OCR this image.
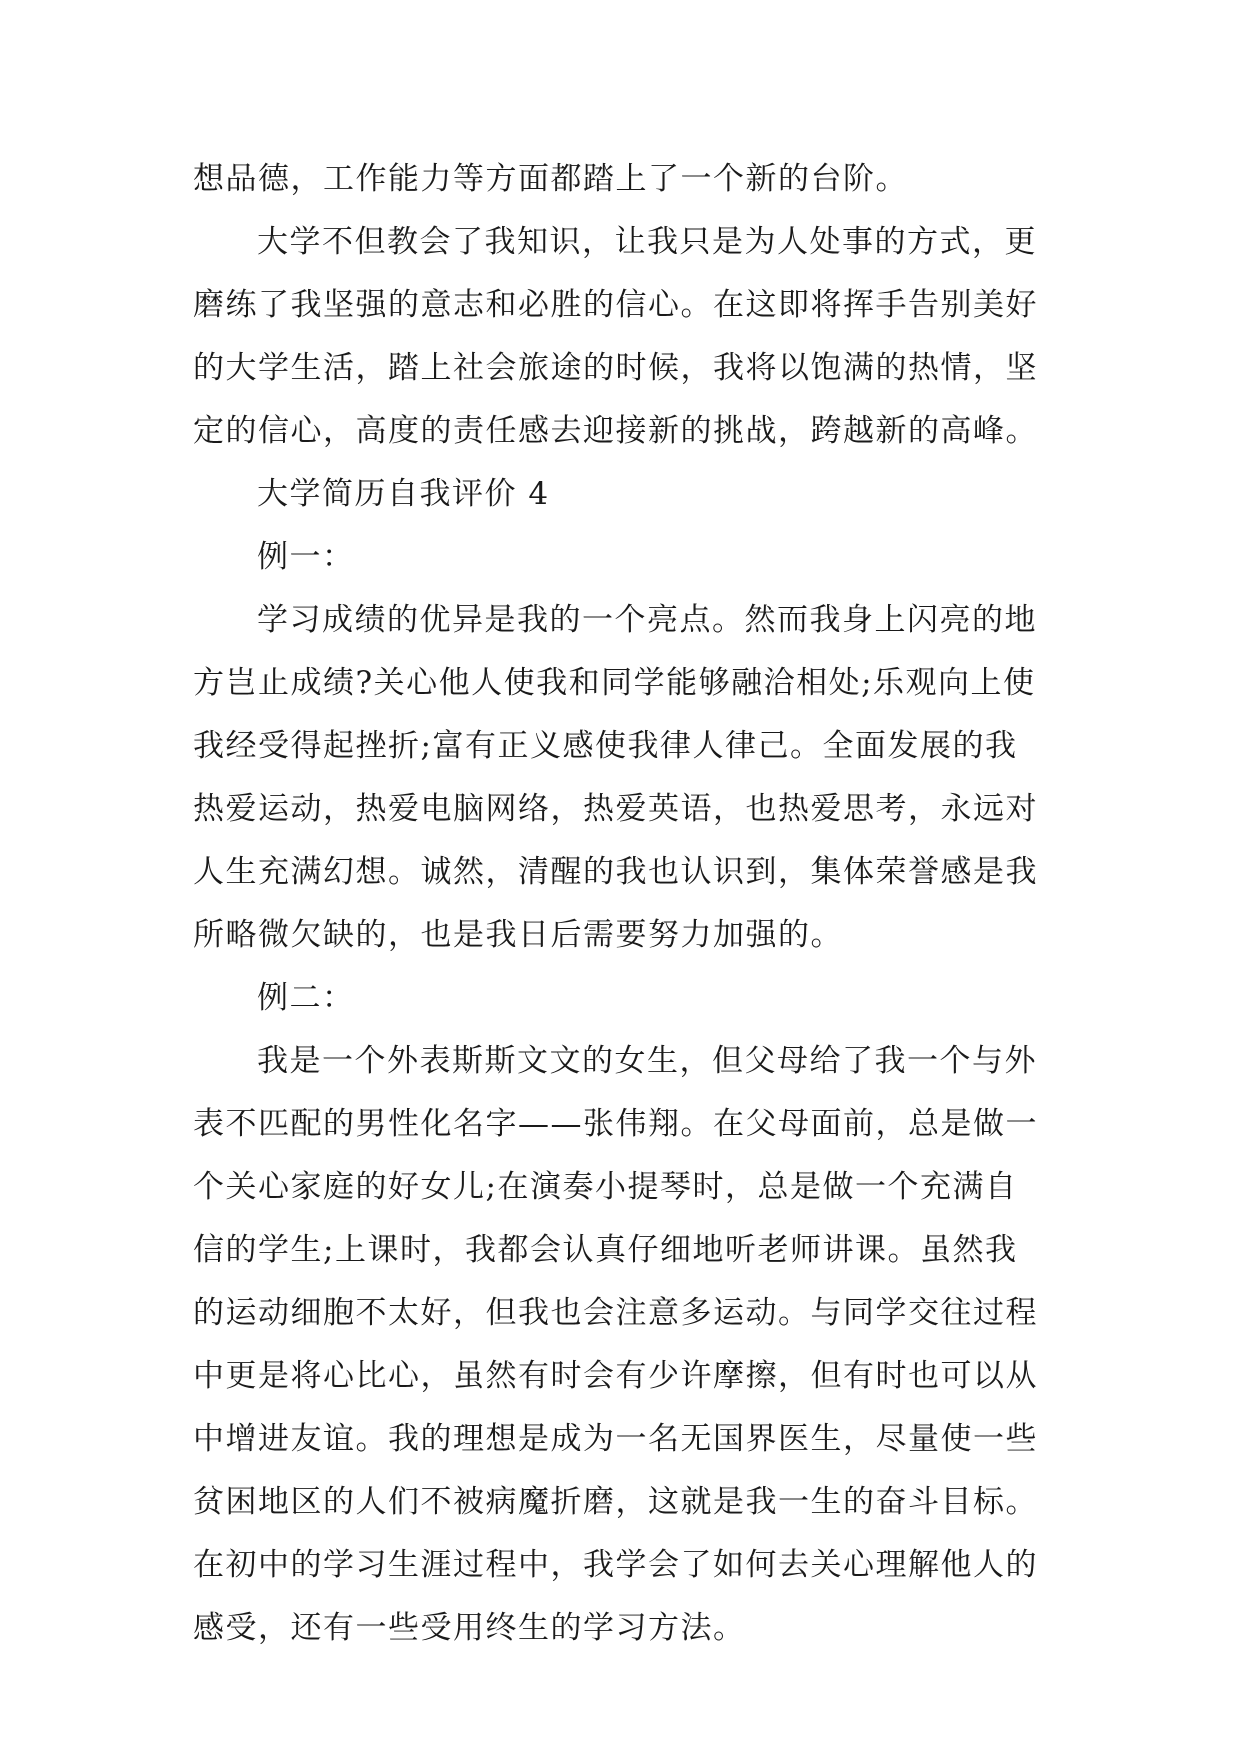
想品德，工作能力等方面都踏上了一个新的台阶。
大学不但教会了我知识，让我只是为人处事的方式，更
磨练了我坚强的意志和必胜的信心。在这即将挥手告别美好
的大学生活，踏上社会旅途的时候，我将以饱满的热情，坚
定的信心，高度的责任感去迎接新的挑战，跨越新的高峰。
大学简历自我评价 4
例一：
学习成绩的优异是我的一个亮点。然而我身上闪亮的地
方岂止成绩?关心他人使我和同学能够融洽相处;乐观向上使
我经受得起挫折;富有正义感使我律人律己。全面发展的我
热爱运动，热爱电脑网络，热爱英语，也热爱思考，永远对
人生充满幻想。诚然，清醒的我也认识到，集体荣誉感是我
所略微欠缺的，也是我日后需要努力加强的。
例二：
我是一个外表斯斯文文的女生，但父母给了我一个与外
表不匹配的男性化名字——张伟翔。在父母面前，总是做一
个关心家庭的好女儿;在演奏小提琴时，总是做一个充满自
信的学生;上课时，我都会认真仔细地听老师讲课。虽然我
的运动细胞不太好，但我也会注意多运动。与同学交往过程
中更是将心比心，虽然有时会有少许摩擦，但有时也可以从
中增进友谊。我的理想是成为一名无国界医生，尽量使一些
贫困地区的人们不被病魔折磨，这就是我一生的奋斗目标。
在初中的学习生涯过程中，我学会了如何去关心理解他人的
感受，还有一些受用终生的学习方法。
